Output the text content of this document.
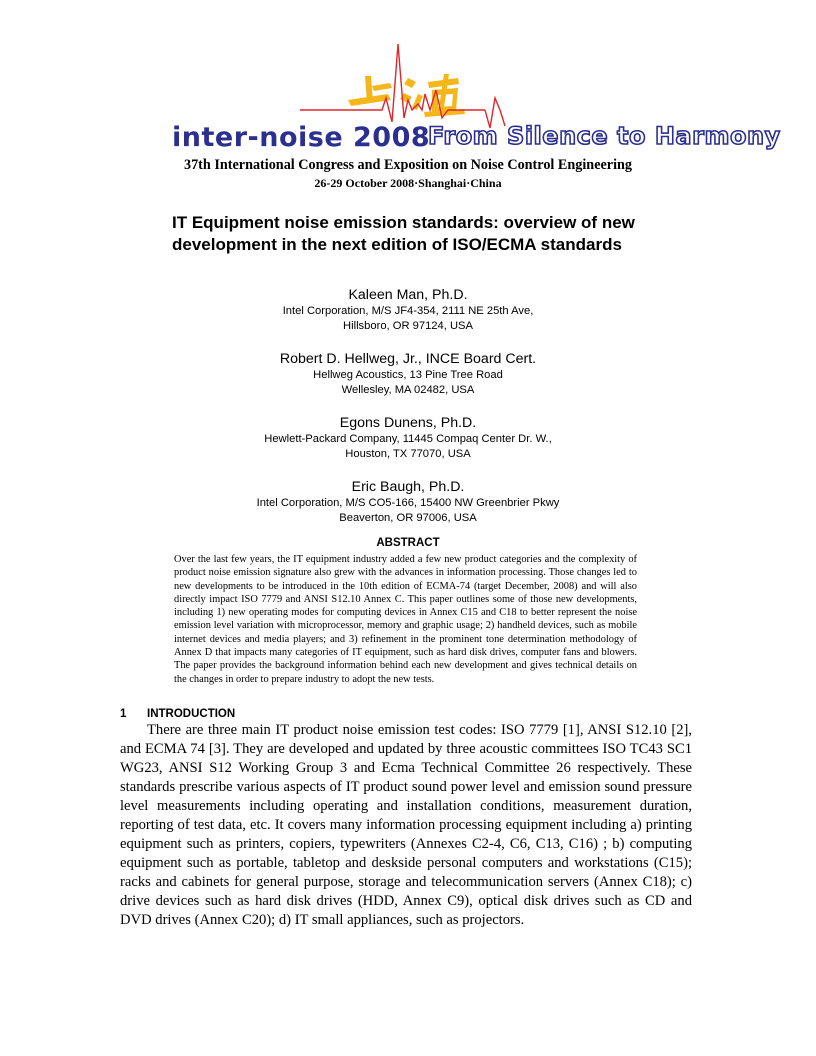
inter-noise 2008
From Silence to Harmony
37th International Congress and Exposition on Noise Control Engineering
26-29 October 2008·Shanghai·China
IT Equipment noise emission standards: overview of new
development in the next edition of ISO/ECMA standards
Kaleen Man, Ph.D.
Intel Corporation, M/S JF4-354, 2111 NE 25th Ave,
Hillsboro, OR 97124, USA
Robert D. Hellweg, Jr., INCE Board Cert.
Hellweg Acoustics, 13 Pine Tree Road
Wellesley, MA 02482, USA
Egons Dunens, Ph.D.
Hewlett-Packard Company, 11445 Compaq Center Dr. W.,
Houston, TX 77070, USA
Eric Baugh, Ph.D.
Intel Corporation, M/S CO5-166, 15400 NW Greenbrier Pkwy
Beaverton, OR 97006, USA
ABSTRACT
Over the last few years, the IT equipment industry added a few new product categories and the complexity of product noise emission signature also grew with the advances in information processing. Those changes led to new developments to be introduced in the 10th edition of ECMA-74 (target December, 2008) and will also directly impact ISO 7779 and ANSI S12.10 Annex C. This paper outlines some of those new developments, including 1) new operating modes for computing devices in Annex C15 and C18 to better represent the noise emission level variation with microprocessor, memory and graphic usage; 2) handheld devices, such as mobile internet devices and media players; and 3) refinement in the prominent tone determination methodology of Annex D that impacts many categories of IT equipment, such as hard disk drives, computer fans and blowers. The paper provides the background information behind each new development and gives technical details on the changes in order to prepare industry to adopt the new tests.
1 INTRODUCTION
There are three main IT product noise emission test codes: ISO 7779 [1], ANSI S12.10 [2], and ECMA 74 [3]. They are developed and updated by three acoustic committees ISO TC43 SC1 WG23, ANSI S12 Working Group 3 and Ecma Technical Committee 26 respectively. These standards prescribe various aspects of IT product sound power level and emission sound pressure level measurements including operating and installation conditions, measurement duration, reporting of test data, etc. It covers many information processing equipment including a) printing equipment such as printers, copiers, typewriters (Annexes C2-4, C6, C13, C16) ; b) computing equipment such as portable, tabletop and deskside personal computers and workstations (C15); racks and cabinets for general purpose, storage and telecommunication servers (Annex C18); c) drive devices such as hard disk drives (HDD, Annex C9), optical disk drives such as CD and DVD drives (Annex C20); d) IT small appliances, such as projectors.
